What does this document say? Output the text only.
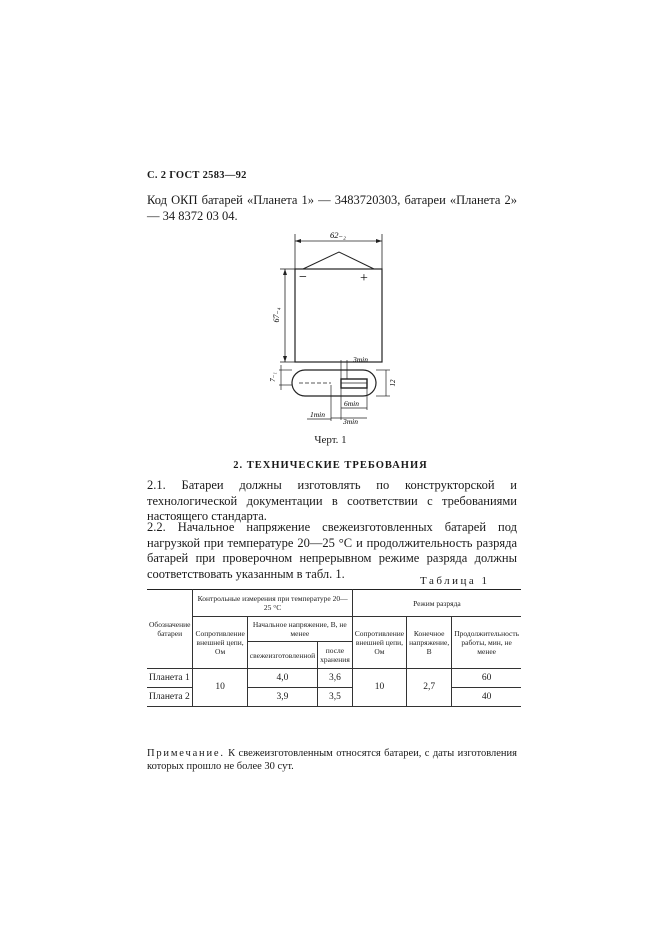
С. 2 ГОСТ 2583—92
Код ОКП батарей «Планета 1» — 3483720303, батареи «Планета 2» — 34 8372 03 04.
62₋₂
−	+
67₋₄
3min
7₋₁
12
6min
3min
1min
Черт. 1
2. ТЕХНИЧЕСКИЕ ТРЕБОВАНИЯ
2.1. Батареи должны изготовлять по конструкторской и технологической документации в соответствии с требованиями настоящего стандарта.
2.2. Начальное напряжение свежеизготовленных батарей под нагрузкой при температуре 20—25 °С и продолжительность разряда батарей при проверочном непрерывном режиме разряда должны соответствовать указанным в табл. 1.
Таблица 1
Обозначение батареи	Контрольные измерения при температуре 20—25 °С			Режим разряда		
	Сопротивление внешней цепи, Ом	Начальное напряжение, В, не менее		Сопротивление внешней цепи, Ом	Конечное напряжение, В	Продолжительность работы, мин, не менее
		свежеизготовленной	после хранения			
Планета 1	10	4,0	3,6	10	2,7	60
Планета 2		3,9	3,5			40
Примечание. К свежеизготовленным относятся батареи, с даты изготовления которых прошло не более 30 сут.
